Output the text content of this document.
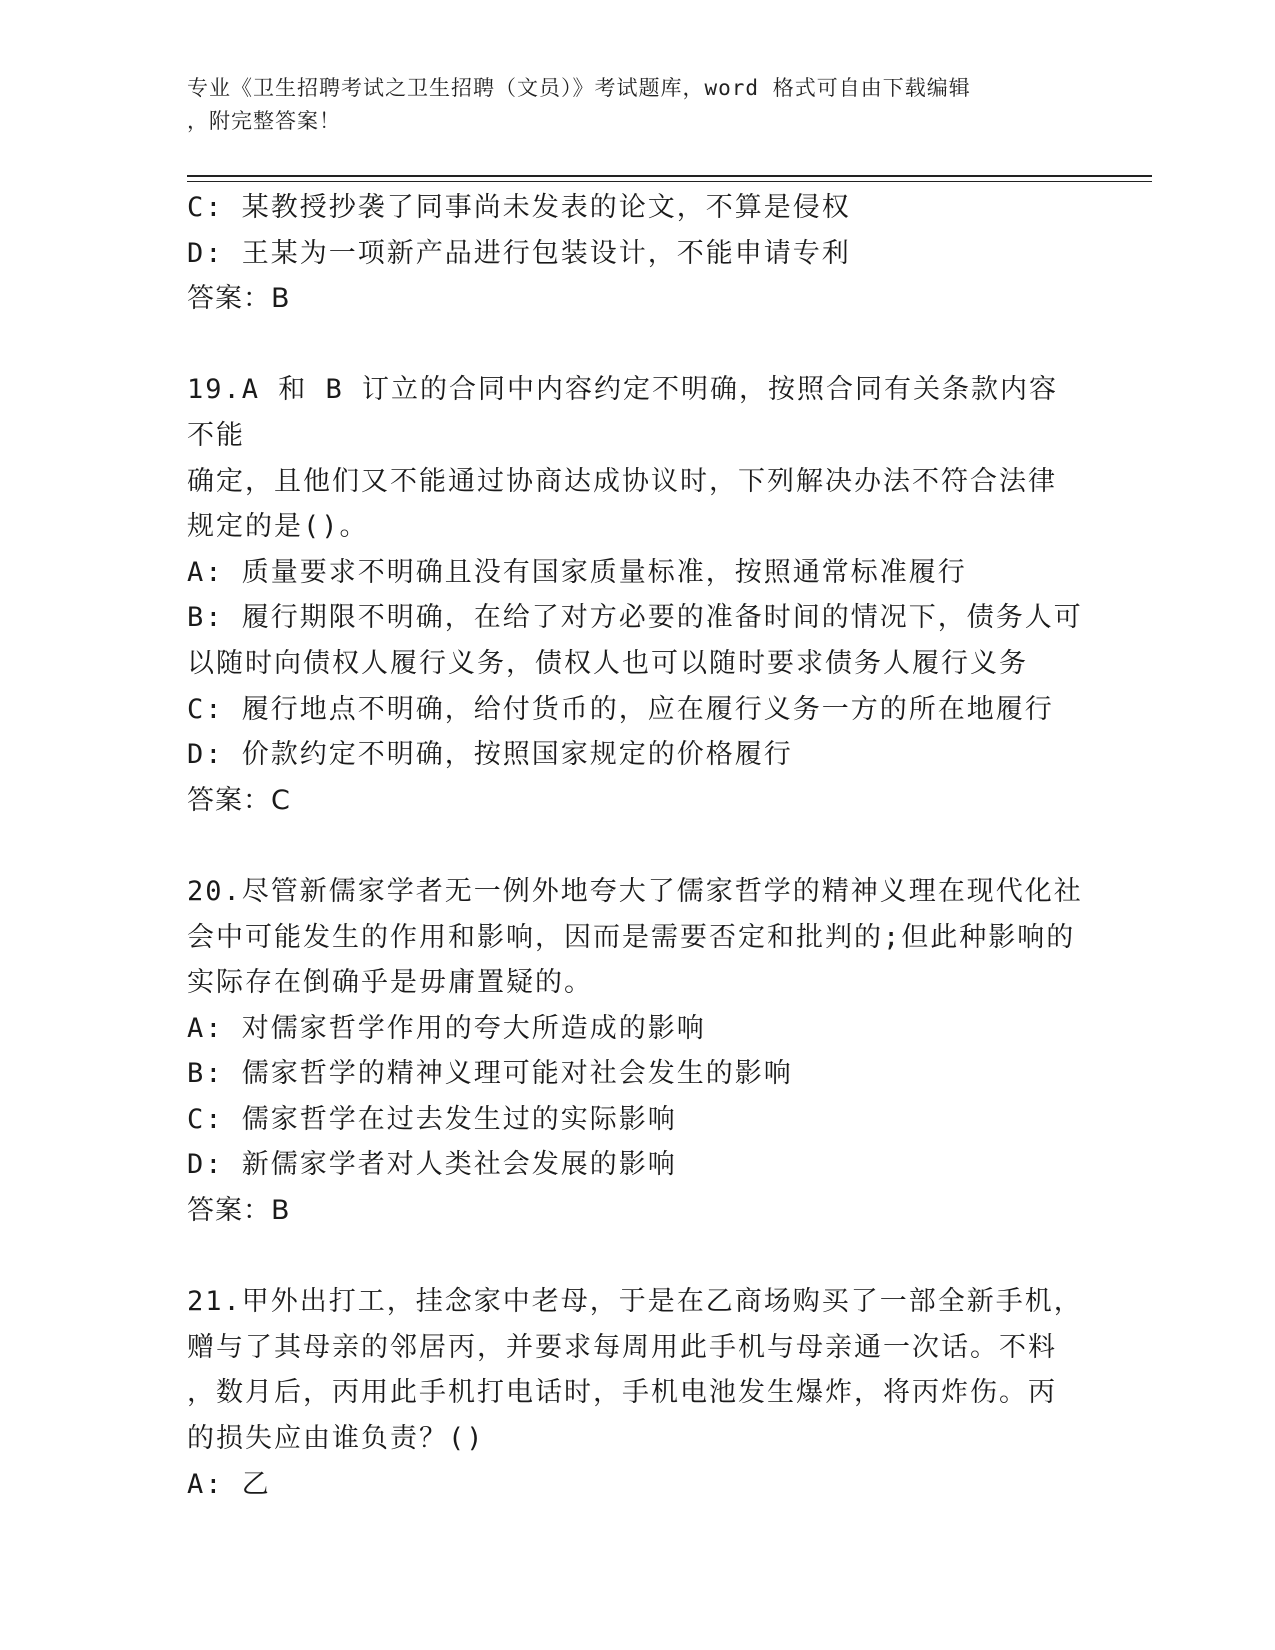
专业《卫生招聘考试之卫生招聘（文员）》考试题库，word 格式可自由下载编辑
，附完整答案！
C: 某教授抄袭了同事尚未发表的论文，不算是侵权
D: 王某为一项新产品进行包装设计，不能申请专利
答案：B
19.A 和 B 订立的合同中内容约定不明确，按照合同有关条款内容不能
确定，且他们又不能通过协商达成协议时，下列解决办法不符合法律
规定的是()。
A: 质量要求不明确且没有国家质量标准，按照通常标准履行
B: 履行期限不明确，在给了对方必要的准备时间的情况下，债务人可
以随时向债权人履行义务，债权人也可以随时要求债务人履行义务
C: 履行地点不明确，给付货币的，应在履行义务一方的所在地履行
D: 价款约定不明确，按照国家规定的价格履行
答案：C
20.尽管新儒家学者无一例外地夸大了儒家哲学的精神义理在现代化社
会中可能发生的作用和影响，因而是需要否定和批判的;但此种影响的
实际存在倒确乎是毋庸置疑的。
A: 对儒家哲学作用的夸大所造成的影响
B: 儒家哲学的精神义理可能对社会发生的影响
C: 儒家哲学在过去发生过的实际影响
D: 新儒家学者对人类社会发展的影响
答案：B
21.甲外出打工，挂念家中老母，于是在乙商场购买了一部全新手机，
赠与了其母亲的邻居丙，并要求每周用此手机与母亲通一次话。不料
，数月后，丙用此手机打电话时，手机电池发生爆炸，将丙炸伤。丙
的损失应由谁负责？()
A: 乙
